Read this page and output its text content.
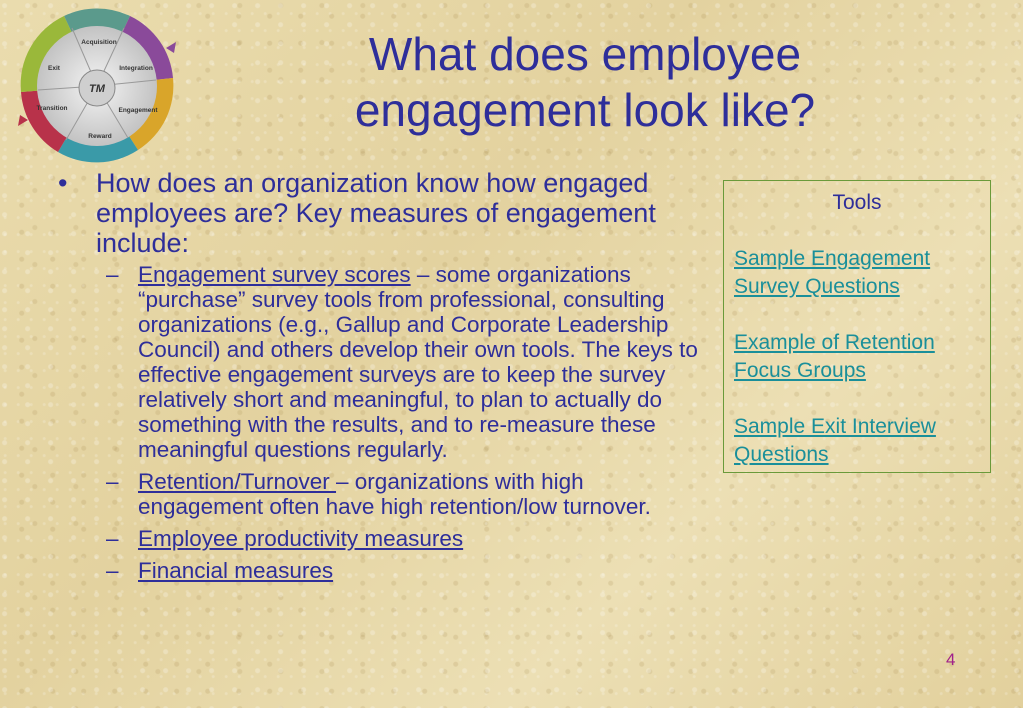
TM
Acquisition
Integration
Engagement
Reward
Transition
Exit	What does employee
engagement look like?

• How does an organization know how engaged employees are? Key measures of engagement include:

– Engagement survey scores – some organizations “purchase” survey tools from professional, consulting organizations (e.g., Gallup and Corporate Leadership Council) and others develop their own tools. The keys to effective engagement surveys are to keep the survey relatively short and meaningful, to plan to actually do something with the results, and to re-measure these meaningful questions regularly.
– Retention/Turnover – organizations with high engagement often have high retention/low turnover.
– Employee productivity measures
– Financial measures
Tools
Sample Engagement Survey Questions
Example of Retention Focus Groups
Sample Exit Interview Questions
4
